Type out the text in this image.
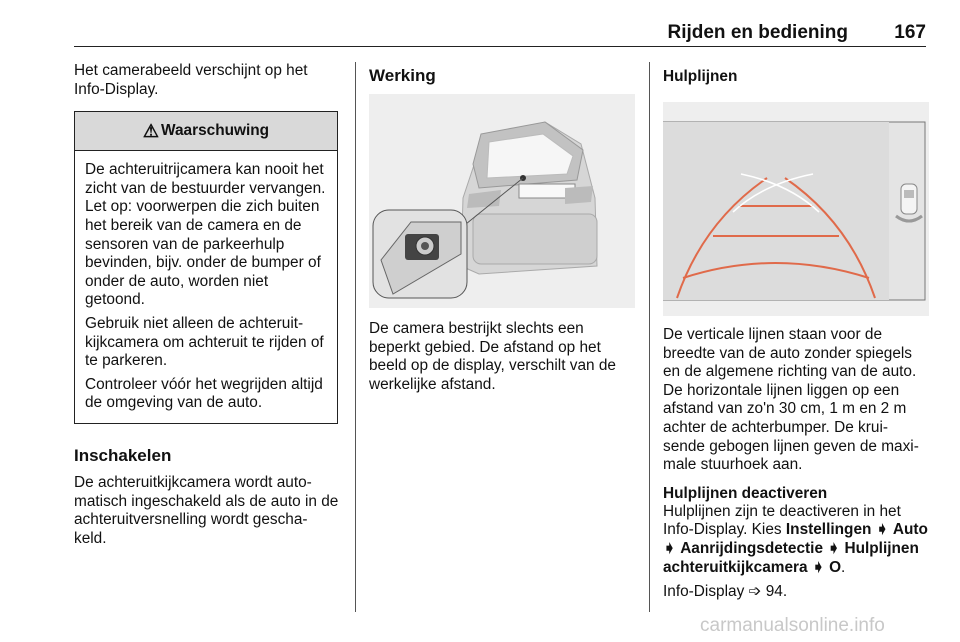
Rijden en bediening	167

Het camerabeeld verschijnt op het Info-Display.

⚠ Waarschuwing

De achteruitrijcamera kan nooit het zicht van de bestuurder vervangen. Let op: voorwerpen die zich buiten het bereik van de camera en de sensoren van de parkeerhulp bevinden, bijv. onder de bumper of onder de auto, worden niet getoond.

Gebruik niet alleen de achteruit-kijkcamera om achteruit te rijden of te parkeren.

Controleer vóór het wegrijden altijd de omgeving van de auto.

Inschakelen

De achteruitkijkcamera wordt auto-matisch ingeschakeld als de auto in de achteruitversnelling wordt gescha-keld.

Werking

De camera bestrijkt slechts een beperkt gebied. De afstand op het beeld op de display, verschilt van de werkelijke afstand.

Hulplijnen

De verticale lijnen staan voor de breedte van de auto zonder spiegels en de algemene richting van de auto. De horizontale lijnen liggen op een afstand van zo'n 30 cm, 1 m en 2 m achter de achterbumper. De krui-sende gebogen lijnen geven de maxi-male stuurhoek aan.

Hulplijnen deactiveren

Hulplijnen zijn te deactiveren in het Info-Display. Kies Instellingen ➧ Auto ➧ Aanrijdingsdetectie ➧ Hulplijnen achteruitkijkcamera ➧ O.

Info-Display ➩ 94.

carmanualsonline.info
